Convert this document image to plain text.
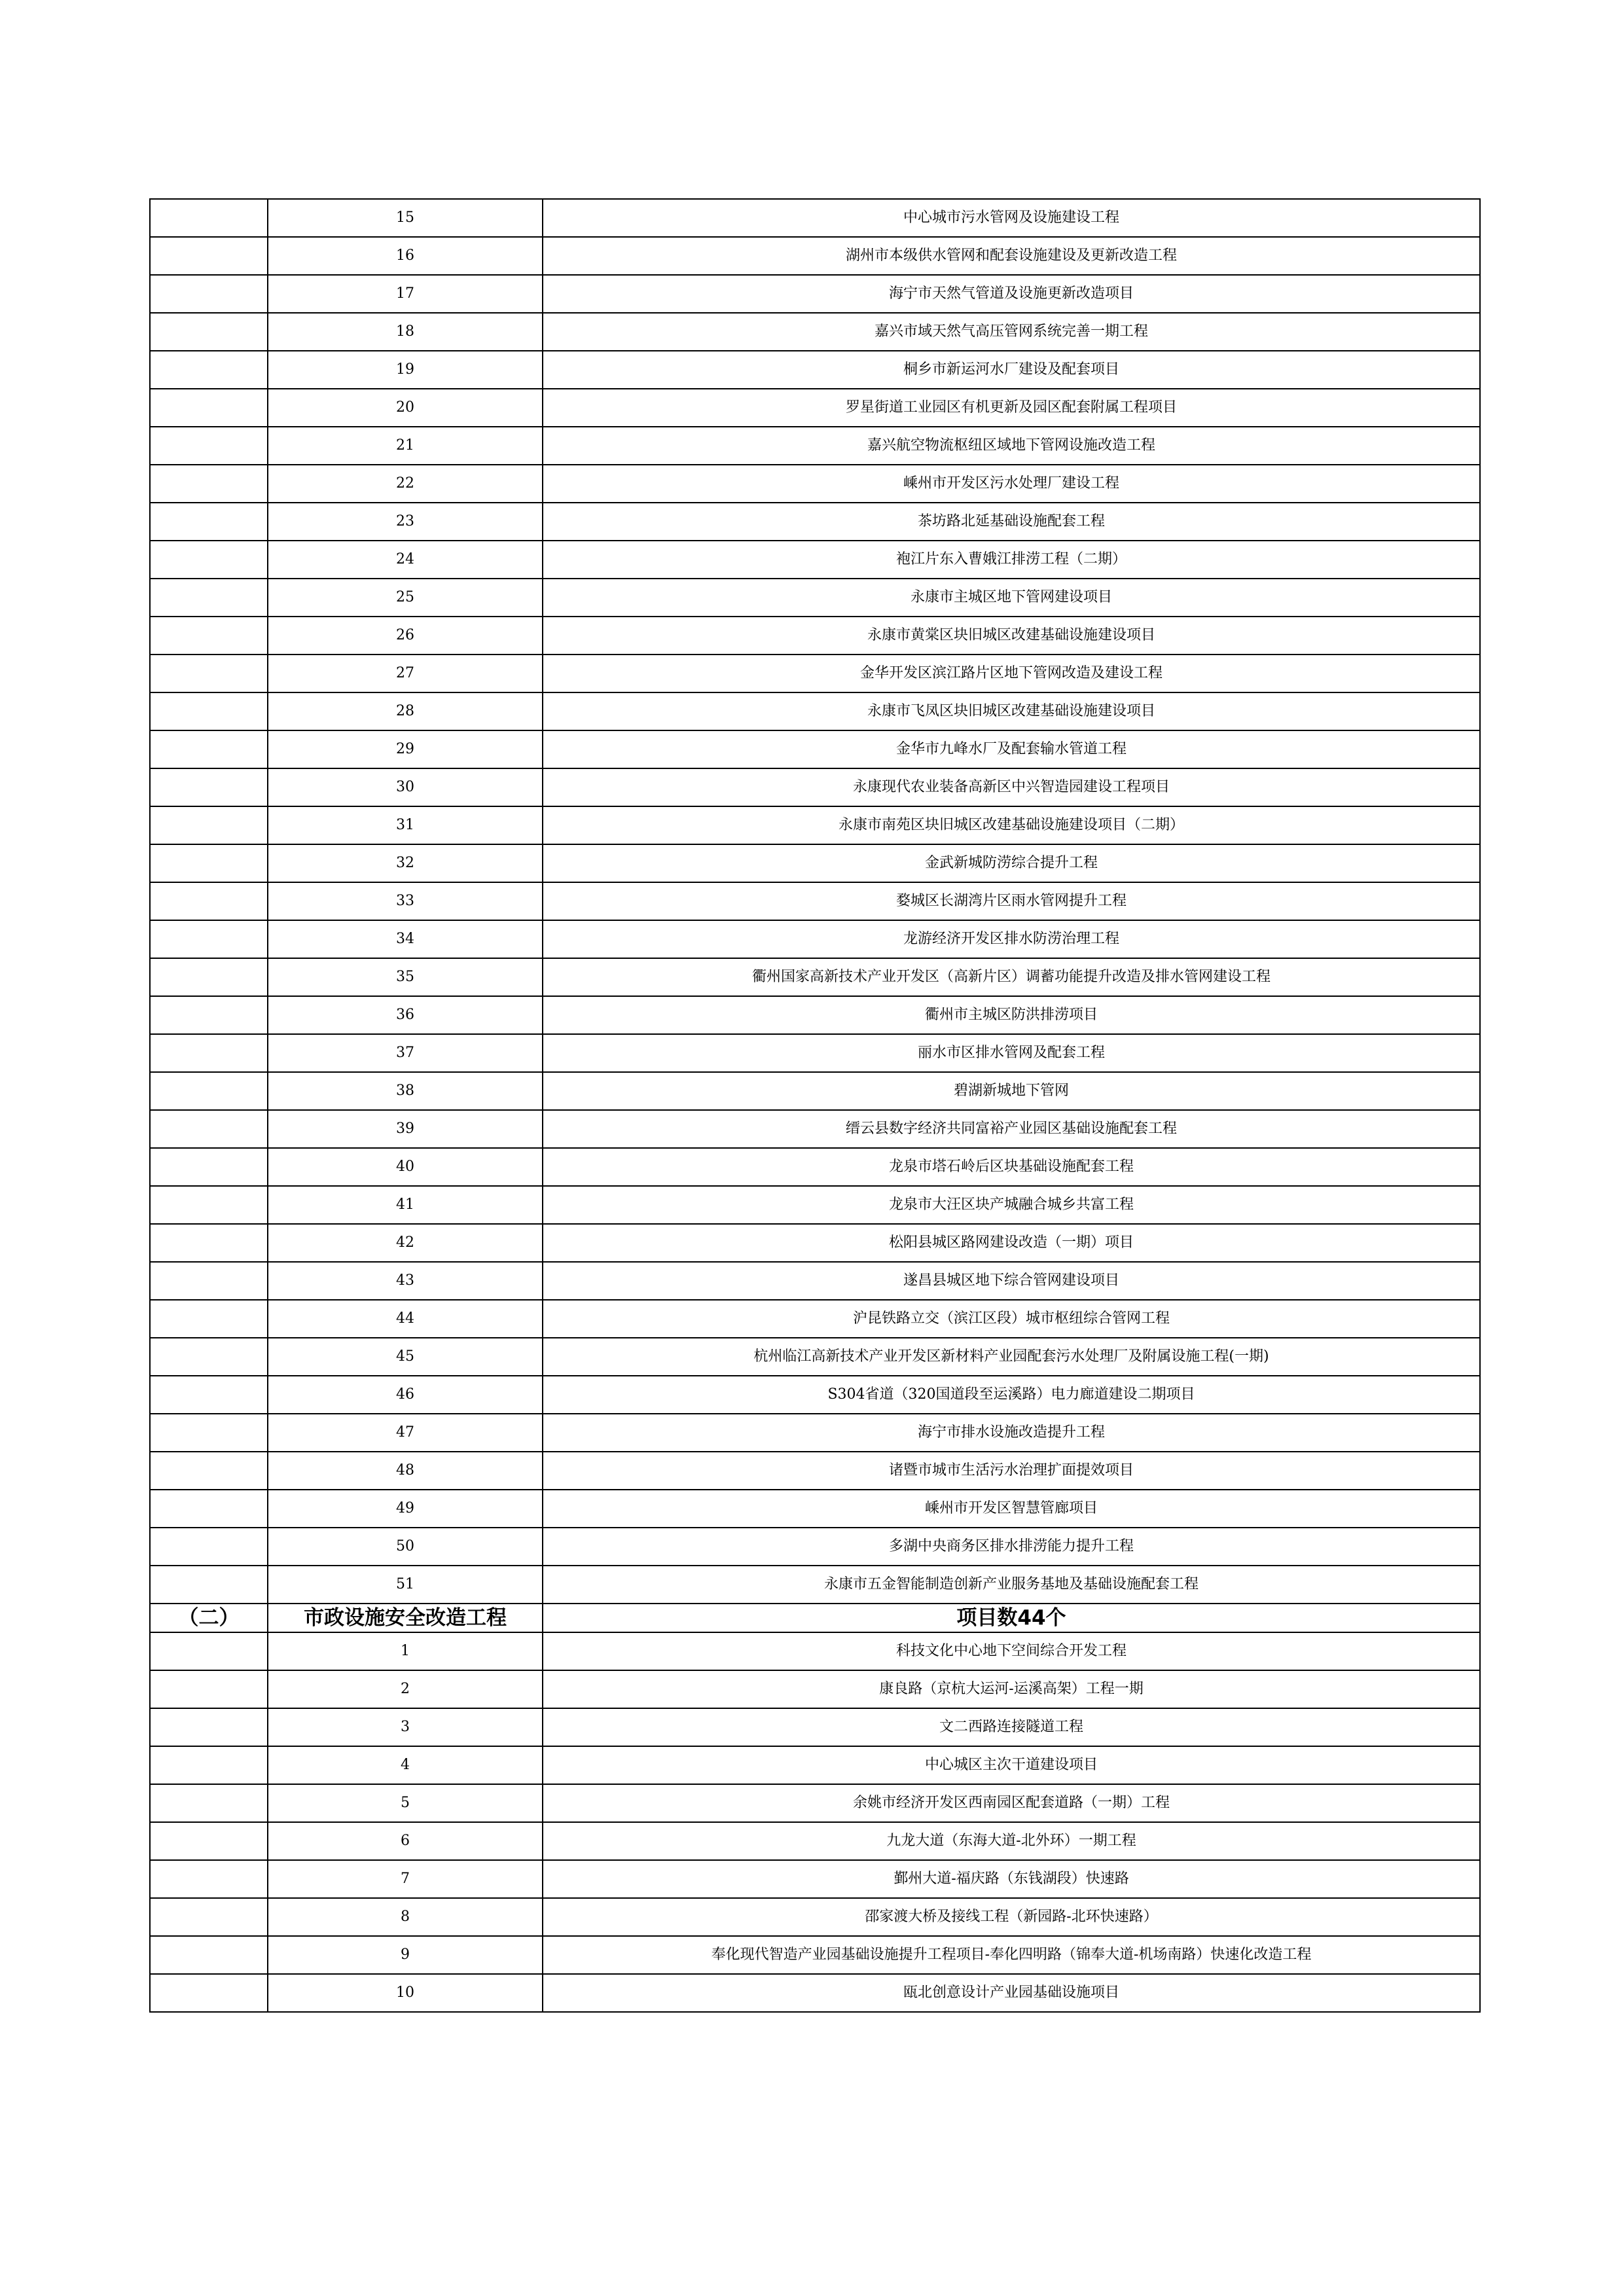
	15	中心城市污水管网及设施建设工程
	16	湖州市本级供水管网和配套设施建设及更新改造工程
	17	海宁市天然气管道及设施更新改造项目
	18	嘉兴市域天然气高压管网系统完善一期工程
	19	桐乡市新运河水厂建设及配套项目
	20	罗星街道工业园区有机更新及园区配套附属工程项目
	21	嘉兴航空物流枢纽区域地下管网设施改造工程
	22	嵊州市开发区污水处理厂建设工程
	23	茶坊路北延基础设施配套工程
	24	袍江片东入曹娥江排涝工程（二期）
	25	永康市主城区地下管网建设项目
	26	永康市黄棠区块旧城区改建基础设施建设项目
	27	金华开发区滨江路片区地下管网改造及建设工程
	28	永康市飞凤区块旧城区改建基础设施建设项目
	29	金华市九峰水厂及配套输水管道工程
	30	永康现代农业装备高新区中兴智造园建设工程项目
	31	永康市南苑区块旧城区改建基础设施建设项目（二期）
	32	金武新城防涝综合提升工程
	33	婺城区长湖湾片区雨水管网提升工程
	34	龙游经济开发区排水防涝治理工程
	35	衢州国家高新技术产业开发区（高新片区）调蓄功能提升改造及排水管网建设工程
	36	衢州市主城区防洪排涝项目
	37	丽水市区排水管网及配套工程
	38	碧湖新城地下管网
	39	缙云县数字经济共同富裕产业园区基础设施配套工程
	40	龙泉市塔石岭后区块基础设施配套工程
	41	龙泉市大汪区块产城融合城乡共富工程
	42	松阳县城区路网建设改造（一期）项目
	43	遂昌县城区地下综合管网建设项目
	44	沪昆铁路立交（滨江区段）城市枢纽综合管网工程
	45	杭州临江高新技术产业开发区新材料产业园配套污水处理厂及附属设施工程(一期)
	46	S304省道（320国道段至运溪路）电力廊道建设二期项目
	47	海宁市排水设施改造提升工程
	48	诸暨市城市生活污水治理扩面提效项目
	49	嵊州市开发区智慧管廊项目
	50	多湖中央商务区排水排涝能力提升工程
	51	永康市五金智能制造创新产业服务基地及基础设施配套工程
（二）	市政设施安全改造工程	项目数44个
	1	科技文化中心地下空间综合开发工程
	2	康良路（京杭大运河-运溪高架）工程一期
	3	文二西路连接隧道工程
	4	中心城区主次干道建设项目
	5	余姚市经济开发区西南园区配套道路（一期）工程
	6	九龙大道（东海大道-北外环）一期工程
	7	鄞州大道-福庆路（东钱湖段）快速路
	8	邵家渡大桥及接线工程（新园路-北环快速路）
	9	奉化现代智造产业园基础设施提升工程项目-奉化四明路（锦奉大道-机场南路）快速化改造工程
	10	瓯北创意设计产业园基础设施项目
